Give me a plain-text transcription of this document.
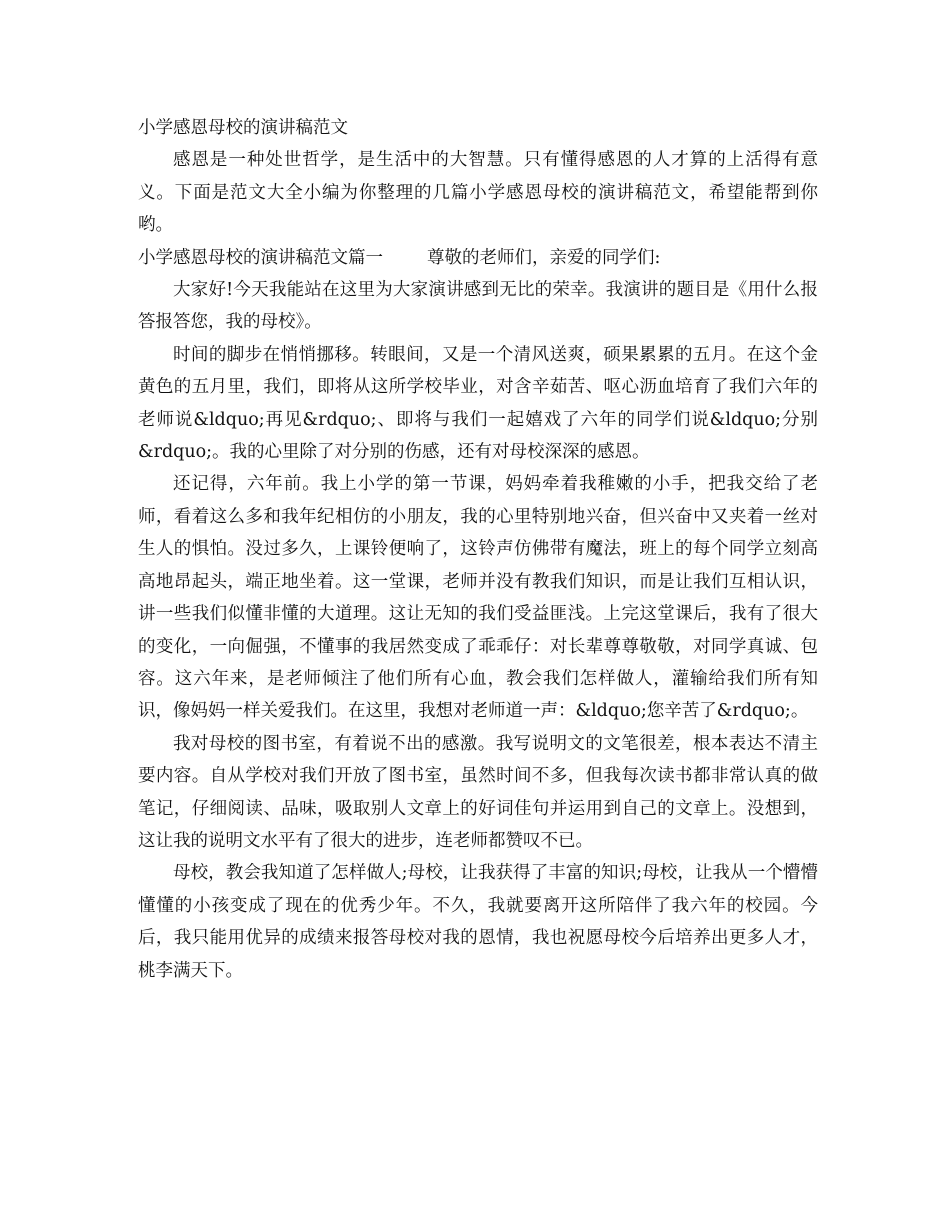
小学感恩母校的演讲稿范文

感恩是一种处世哲学，是生活中的大智慧。只有懂得感恩的人才算的上活得有意义。下面是范文大全小编为你整理的几篇小学感恩母校的演讲稿范文，希望能帮到你哟。

小学感恩母校的演讲稿范文篇一	尊敬的老师们，亲爱的同学们:

大家好!今天我能站在这里为大家演讲感到无比的荣幸。我演讲的题目是《用什么报答报答您，我的母校》。

时间的脚步在悄悄挪移。转眼间，又是一个清风送爽，硕果累累的五月。在这个金黄色的五月里，我们，即将从这所学校毕业，对含辛茹苦、呕心沥血培育了我们六年的老师说&ldquo;再见&rdquo;、即将与我们一起嬉戏了六年的同学们说&ldquo;分别&rdquo;。我的心里除了对分别的伤感，还有对母校深深的感恩。

还记得，六年前。我上小学的第一节课，妈妈牵着我稚嫩的小手，把我交给了老师，看着这么多和我年纪相仿的小朋友，我的心里特别地兴奋，但兴奋中又夹着一丝对生人的惧怕。没过多久，上课铃便响了，这铃声仿佛带有魔法，班上的每个同学立刻高高地昂起头，端正地坐着。这一堂课，老师并没有教我们知识，而是让我们互相认识，讲一些我们似懂非懂的大道理。这让无知的我们受益匪浅。上完这堂课后，我有了很大的变化，一向倔强，不懂事的我居然变成了乖乖仔：对长辈尊尊敬敬，对同学真诚、包容。这六年来，是老师倾注了他们所有心血，教会我们怎样做人，灌输给我们所有知识，像妈妈一样关爱我们。在这里，我想对老师道一声：&ldquo;您辛苦了&rdquo;。

我对母校的图书室，有着说不出的感激。我写说明文的文笔很差，根本表达不清主要内容。自从学校对我们开放了图书室，虽然时间不多，但我每次读书都非常认真的做笔记，仔细阅读、品味，吸取别人文章上的好词佳句并运用到自己的文章上。没想到，这让我的说明文水平有了很大的进步，连老师都赞叹不已。

母校，教会我知道了怎样做人;母校，让我获得了丰富的知识;母校，让我从一个懵懵懂懂的小孩变成了现在的优秀少年。不久，我就要离开这所陪伴了我六年的校园。今后，我只能用优异的成绩来报答母校对我的恩情，我也祝愿母校今后培养出更多人才，桃李满天下。
